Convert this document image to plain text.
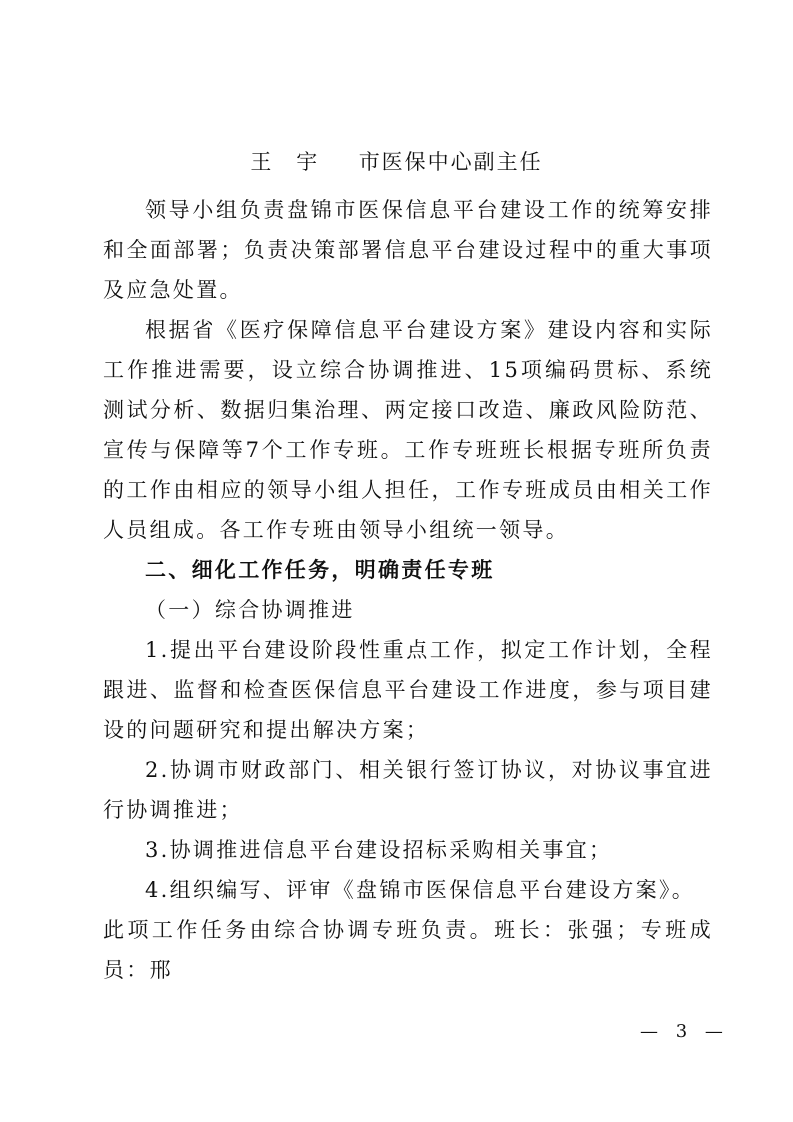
王　宇 市医保中心副主任

领导小组负责盘锦市医保信息平台建设工作的统筹安排和全面部署；负责决策部署信息平台建设过程中的重大事项及应急处置。

根据省《医疗保障信息平台建设方案》建设内容和实际工作推进需要，设立综合协调推进、15项编码贯标、系统测试分析、数据归集治理、两定接口改造、廉政风险防范、宣传与保障等7个工作专班。工作专班班长根据专班所负责的工作由相应的领导小组人担任，工作专班成员由相关工作人员组成。各工作专班由领导小组统一领导。

二、细化工作任务，明确责任专班

（一）综合协调推进

1.提出平台建设阶段性重点工作，拟定工作计划，全程跟进、监督和检查医保信息平台建设工作进度，参与项目建设的问题研究和提出解决方案；

2.协调市财政部门、相关银行签订协议，对协议事宜进行协调推进；

3.协调推进信息平台建设招标采购相关事宜；

4.组织编写、评审《盘锦市医保信息平台建设方案》。

此项工作任务由综合协调专班负责。班长：张强；专班成员：邢

— 3 —
